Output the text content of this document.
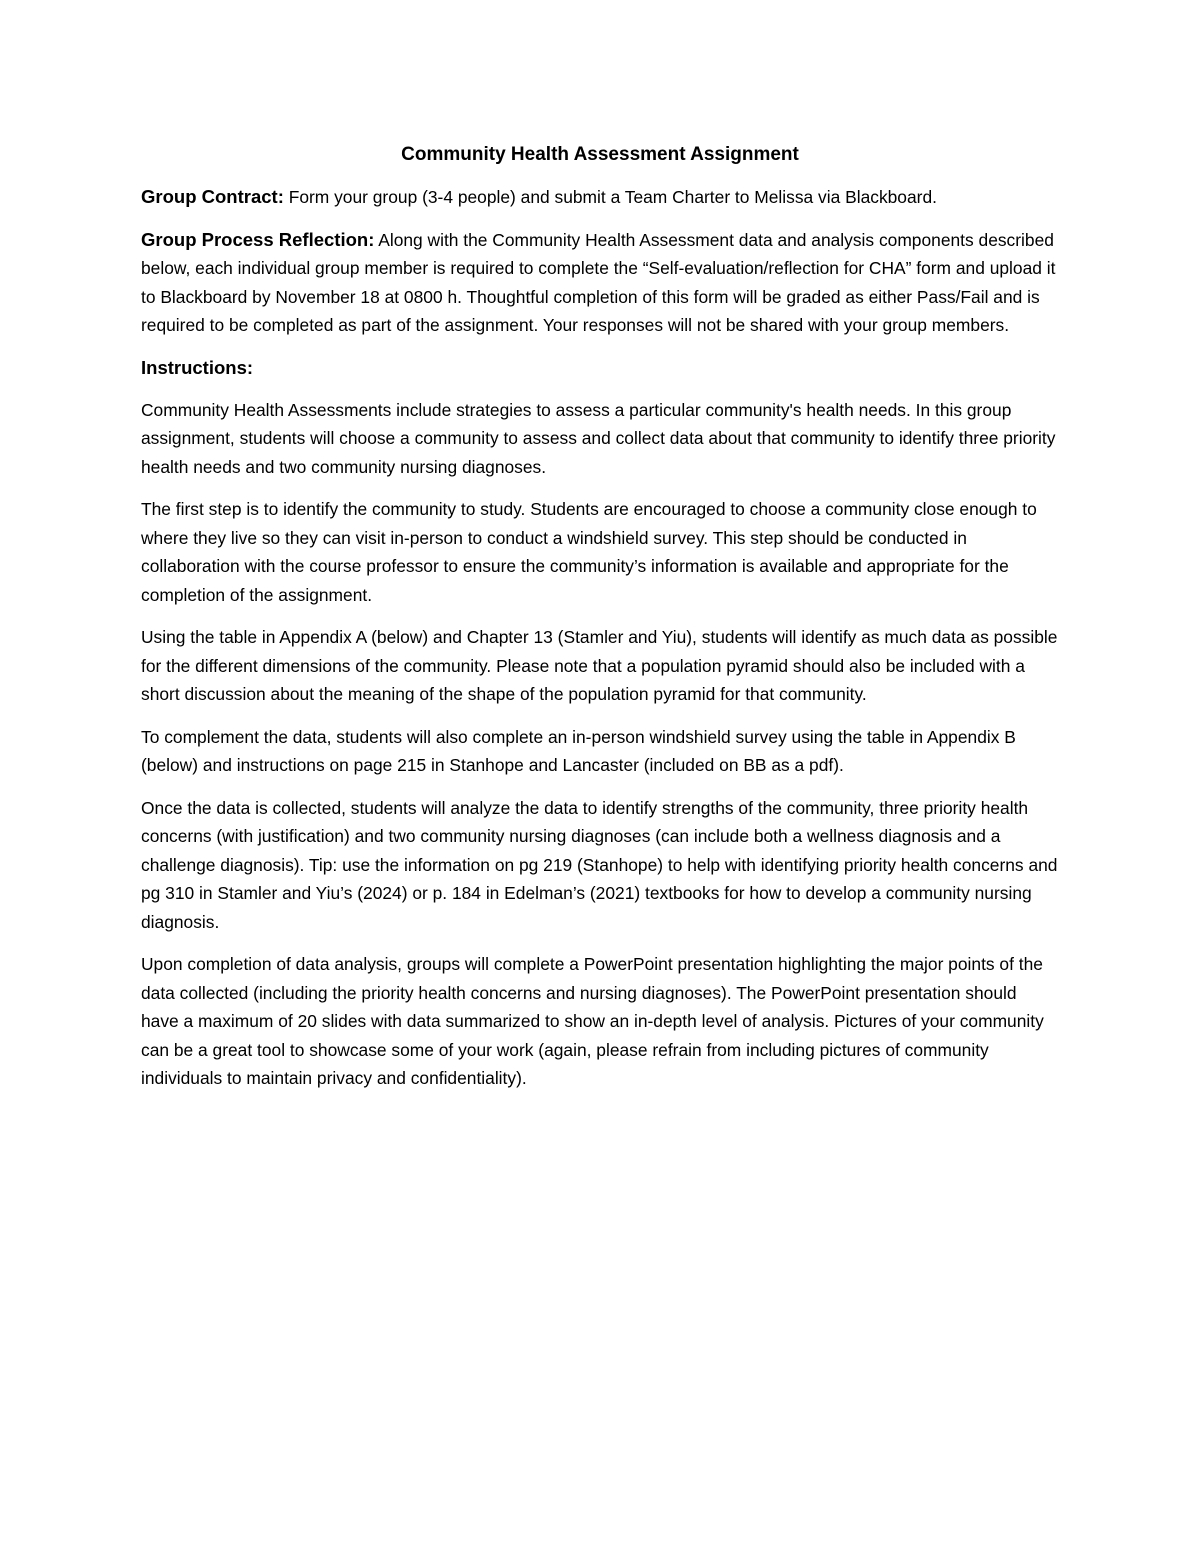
Community Health Assessment Assignment

Group Contract: Form your group (3-4 people) and submit a Team Charter to Melissa via Blackboard.

Group Process Reflection: Along with the Community Health Assessment data and analysis components described below, each individual group member is required to complete the “Self-evaluation/reflection for CHA” form and upload it to Blackboard by November 18 at 0800 h. Thoughtful completion of this form will be graded as either Pass/Fail and is required to be completed as part of the assignment. Your responses will not be shared with your group members.

Instructions:

Community Health Assessments include strategies to assess a particular community's health needs. In this group assignment, students will choose a community to assess and collect data about that community to identify three priority health needs and two community nursing diagnoses.

The first step is to identify the community to study. Students are encouraged to choose a community close enough to where they live so they can visit in-person to conduct a windshield survey. This step should be conducted in collaboration with the course professor to ensure the community’s information is available and appropriate for the completion of the assignment.

Using the table in Appendix A (below) and Chapter 13 (Stamler and Yiu), students will identify as much data as possible for the different dimensions of the community. Please note that a population pyramid should also be included with a short discussion about the meaning of the shape of the population pyramid for that community.

To complement the data, students will also complete an in-person windshield survey using the table in Appendix B (below) and instructions on page 215 in Stanhope and Lancaster (included on BB as a pdf).

Once the data is collected, students will analyze the data to identify strengths of the community, three priority health concerns (with justification) and two community nursing diagnoses (can include both a wellness diagnosis and a challenge diagnosis). Tip: use the information on pg 219 (Stanhope) to help with identifying priority health concerns and pg 310 in Stamler and Yiu’s (2024) or p. 184 in Edelman’s (2021) textbooks for how to develop a community nursing diagnosis.

Upon completion of data analysis, groups will complete a PowerPoint presentation highlighting the major points of the data collected (including the priority health concerns and nursing diagnoses). The PowerPoint presentation should have a maximum of 20 slides with data summarized to show an in-depth level of analysis. Pictures of your community can be a great tool to showcase some of your work (again, please refrain from including pictures of community individuals to maintain privacy and confidentiality).
